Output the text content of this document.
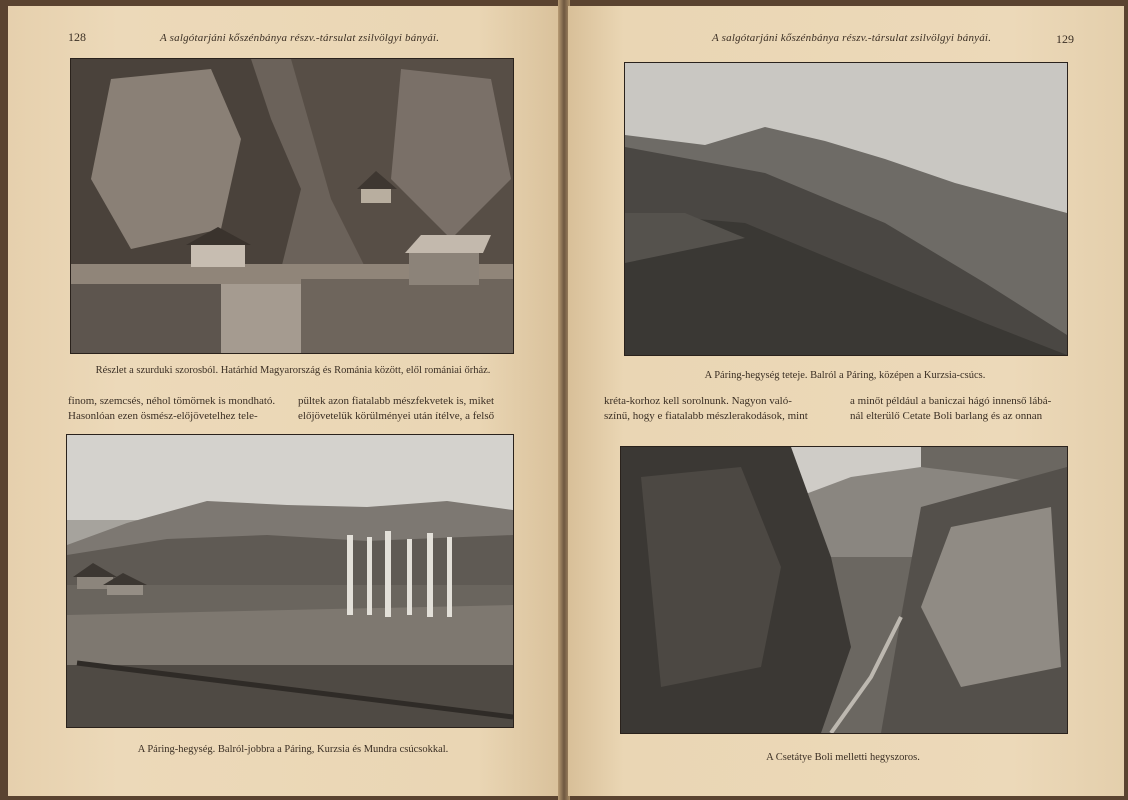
128	A salgótarjáni kőszénbánya részv.-társulat zsilvölgyi bányái.
Részlet a szurduki szorosból. Határhíd Magyarország és Románia között, elől romániai őrház.
finom, szemcsés, néhol tömörnek is mondható.
Hasonlóan ezen ösmész-előjövetelhez tele-
pültek azon fiatalabb mészfekvetek is, miket
előjövetelük körülményei után ítélve, a felső
A Páring-hegység. Balról-jobbra a Páring, Kurzsia és Mundra csúcsokkal.
A salgótarjáni kőszénbánya részv.-társulat zsilvölgyi bányái.	129
A Páring-hegység teteje. Balról a Páring, középen a Kurzsia-csúcs.
kréta-korhoz kell sorolnunk. Nagyon való-
színű, hogy e fiatalabb mészlerakodások, mint
a minőt például a baniczai hágó innenső lábá-
nál elterülő Cetate Boli barlang és az onnan
A Csetátye Boli melletti hegyszoros.
